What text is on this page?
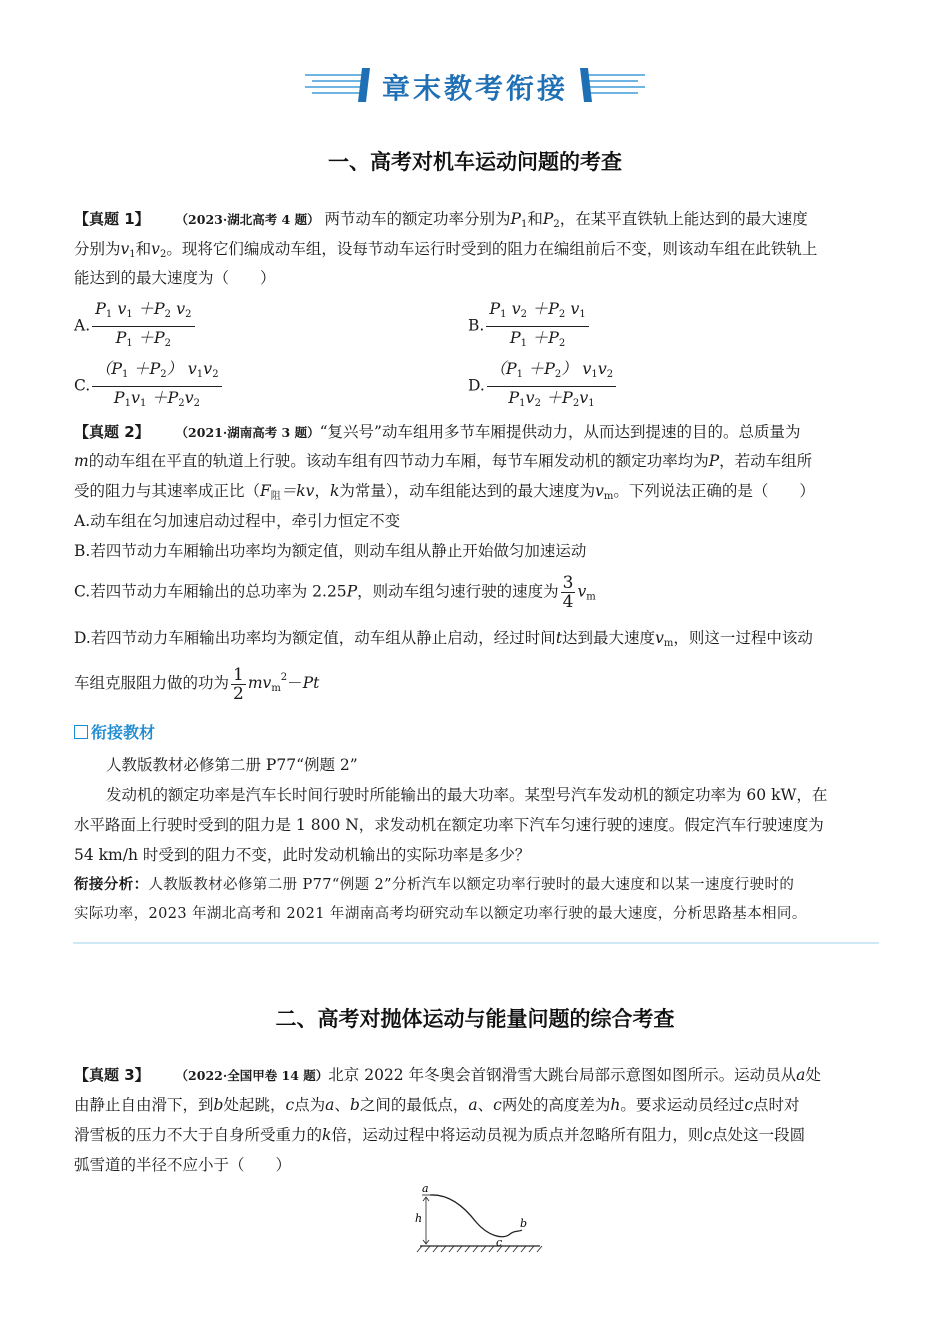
章末教考衔接
一、高考对机车运动问题的考查
【真题 1】 （2023·湖北高考 4 题） 两节动车的额定功率分别为$P_1$和$P_2$，在某平直铁轨上能达到的最大速度
分别为$v_1$和$v_2$。现将它们编成动车组，设每节动车运行时受到的阻力在编组前后不变，则该动车组在此铁轨上
能达到的最大速度为（　　）
A. $\frac{P_1 v_1 +P_2 v_2}{P_1 +P_2}$	B. $\frac{P_1 v_2 +P_2 v_1}{P_1 +P_2}$
C. $\frac{(P_1 +P_2) v_1v_2}{P_1v_1 +P_2v_2}$	D. $\frac{(P_1 +P_2) v_1v_2}{P_1v_2 +P_2v_1}$
【真题 2】 （2021·湖南高考 3 题）“复兴号”动车组用多节车厢提供动力，从而达到提速的目的。总质量为
m的动车组在平直的轨道上行驶。该动车组有四节动力车厢，每节车厢发动机的额定功率均为P，若动车组所
受的阻力与其速率成正比（$F_阻=kv$，k为常量），动车组能达到的最大速度为$v_m$。下列说法正确的是（　　）
A.动车组在匀加速启动过程中，牵引力恒定不变
B.若四节动力车厢输出功率均为额定值，则动车组从静止开始做匀加速运动
C.若四节动力车厢输出的总功率为 2.25P，则动车组匀速行驶的速度为 $\frac{3}{4} v_m$
D.若四节动力车厢输出功率均为额定值，动车组从静止启动，经过时间t达到最大速度$v_m$，则这一过程中该动
车组克服阻力做的功为 $\frac{1}{2} mv_m^2-Pt$
衔接教材
人教版教材必修第二册 P77“例题 2”
发动机的额定功率是汽车长时间行驶时所能输出的最大功率。某型号汽车发动机的额定功率为 60 kW，在
水平路面上行驶时受到的阻力是 1 800 N，求发动机在额定功率下汽车匀速行驶的速度。假定汽车行驶速度为
54 km/h 时受到的阻力不变，此时发动机输出的实际功率是多少？
衔接分析：人教版教材必修第二册 P77“例题 2”分析汽车以额定功率行驶时的最大速度和以某一速度行驶时的
实际功率，2023 年湖北高考和 2021 年湖南高考均研究动车以额定功率行驶的最大速度，分析思路基本相同。
二、高考对抛体运动与能量问题的综合考查
【真题 3】 （2022·全国甲卷 14 题）北京 2022 年冬奥会首钢滑雪大跳台局部示意图如图所示。运动员从a处
由静止自由滑下，到b处起跳，c点为a、b之间的最低点，a、c两处的高度差为h。要求运动员经过c点时对
滑雪板的压力不大于自身所受重力的k倍，运动过程中将运动员视为质点并忽略所有阻力，则c点处这一段圆
弧雪道的半径不应小于（　　）
a
h	b
c
